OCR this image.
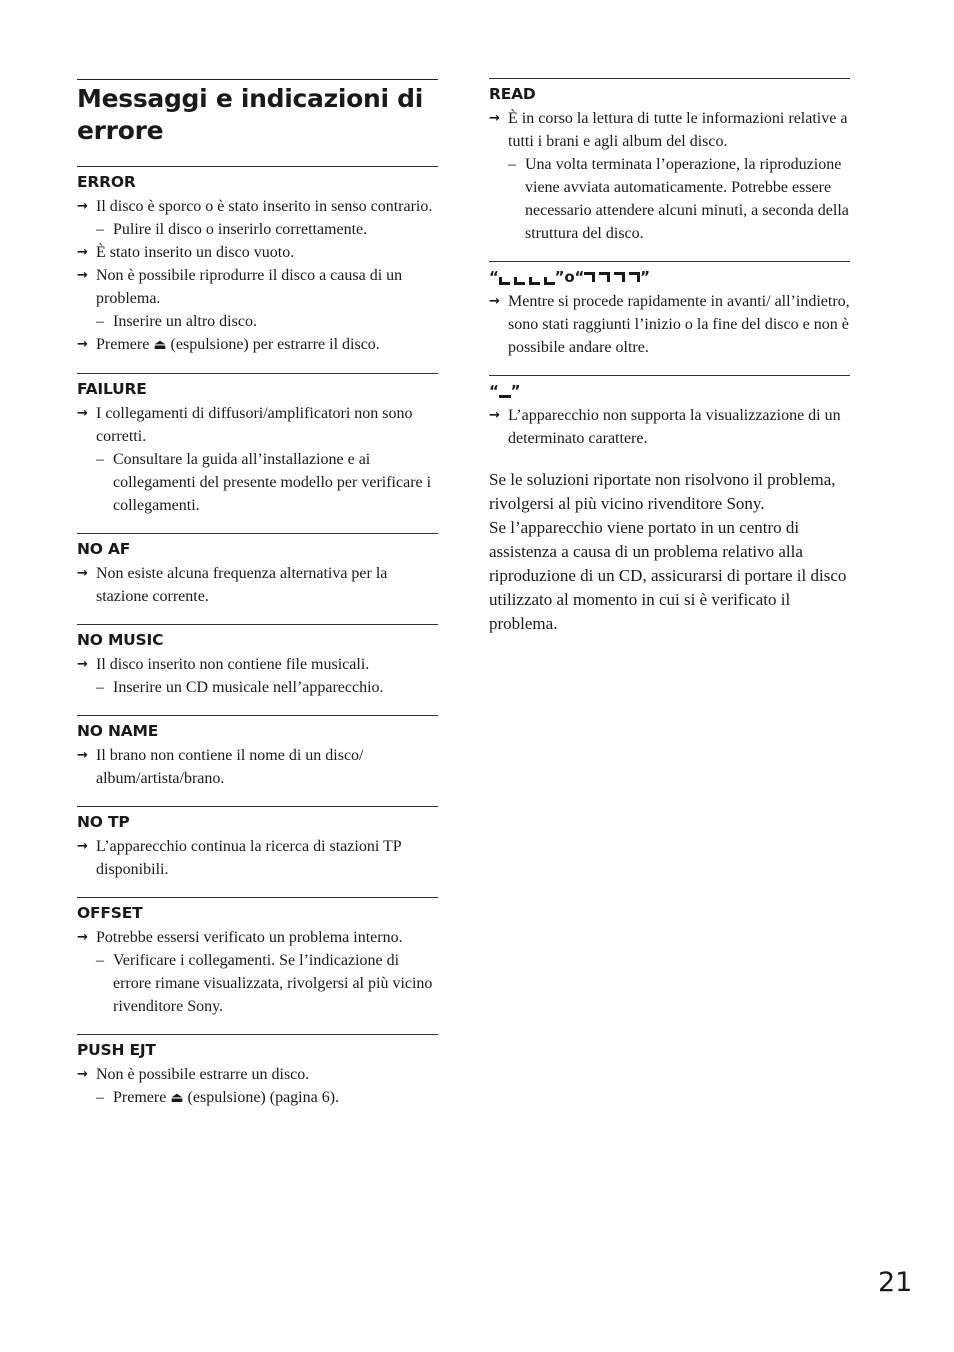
Messaggi e indicazioni di errore
ERROR
→ Il disco è sporco o è stato inserito in senso contrario.
– Pulire il disco o inserirlo correttamente.
→ È stato inserito un disco vuoto.
→ Non è possibile riprodurre il disco a causa di un problema.
– Inserire un altro disco.
→ Premere ⏏ (espulsione) per estrarre il disco.
FAILURE
→ I collegamenti di diffusori/amplificatori non sono corretti.
– Consultare la guida all’installazione e ai collegamenti del presente modello per verificare i collegamenti.
NO AF
→ Non esiste alcuna frequenza alternativa per la stazione corrente.
NO MUSIC
→ Il disco inserito non contiene file musicali.
– Inserire un CD musicale nell’apparecchio.
NO NAME
→ Il brano non contiene il nome di un disco/ album/artista/brano.
NO TP
→ L’apparecchio continua la ricerca di stazioni TP disponibili.
OFFSET
→ Potrebbe essersi verificato un problema interno.
– Verificare i collegamenti. Se l’indicazione di errore rimane visualizzata, rivolgersi al più vicino rivenditore Sony.
PUSH EJT
→ Non è possibile estrarre un disco.
– Premere ⏏ (espulsione) (pagina 6).
READ
→ È in corso la lettura di tutte le informazioni relative a tutti i brani e agli album del disco.
– Una volta terminata l’operazione, la riproduzione viene avviata automaticamente. Potrebbe essere necessario attendere alcuni minuti, a seconda della struttura del disco.
“	”o“	”
→ Mentre si procede rapidamente in avanti/ all’indietro, sono stati raggiunti l’inizio o la fine del disco e non è possibile andare oltre.
“ ”
→ L’apparecchio non supporta la visualizzazione di un determinato carattere.

Se le soluzioni riportate non risolvono il problema, rivolgersi al più vicino rivenditore Sony.

Se l’apparecchio viene portato in un centro di assistenza a causa di un problema relativo alla riproduzione di un CD, assicurarsi di portare il disco utilizzato al momento in cui si è verificato il problema.

21
